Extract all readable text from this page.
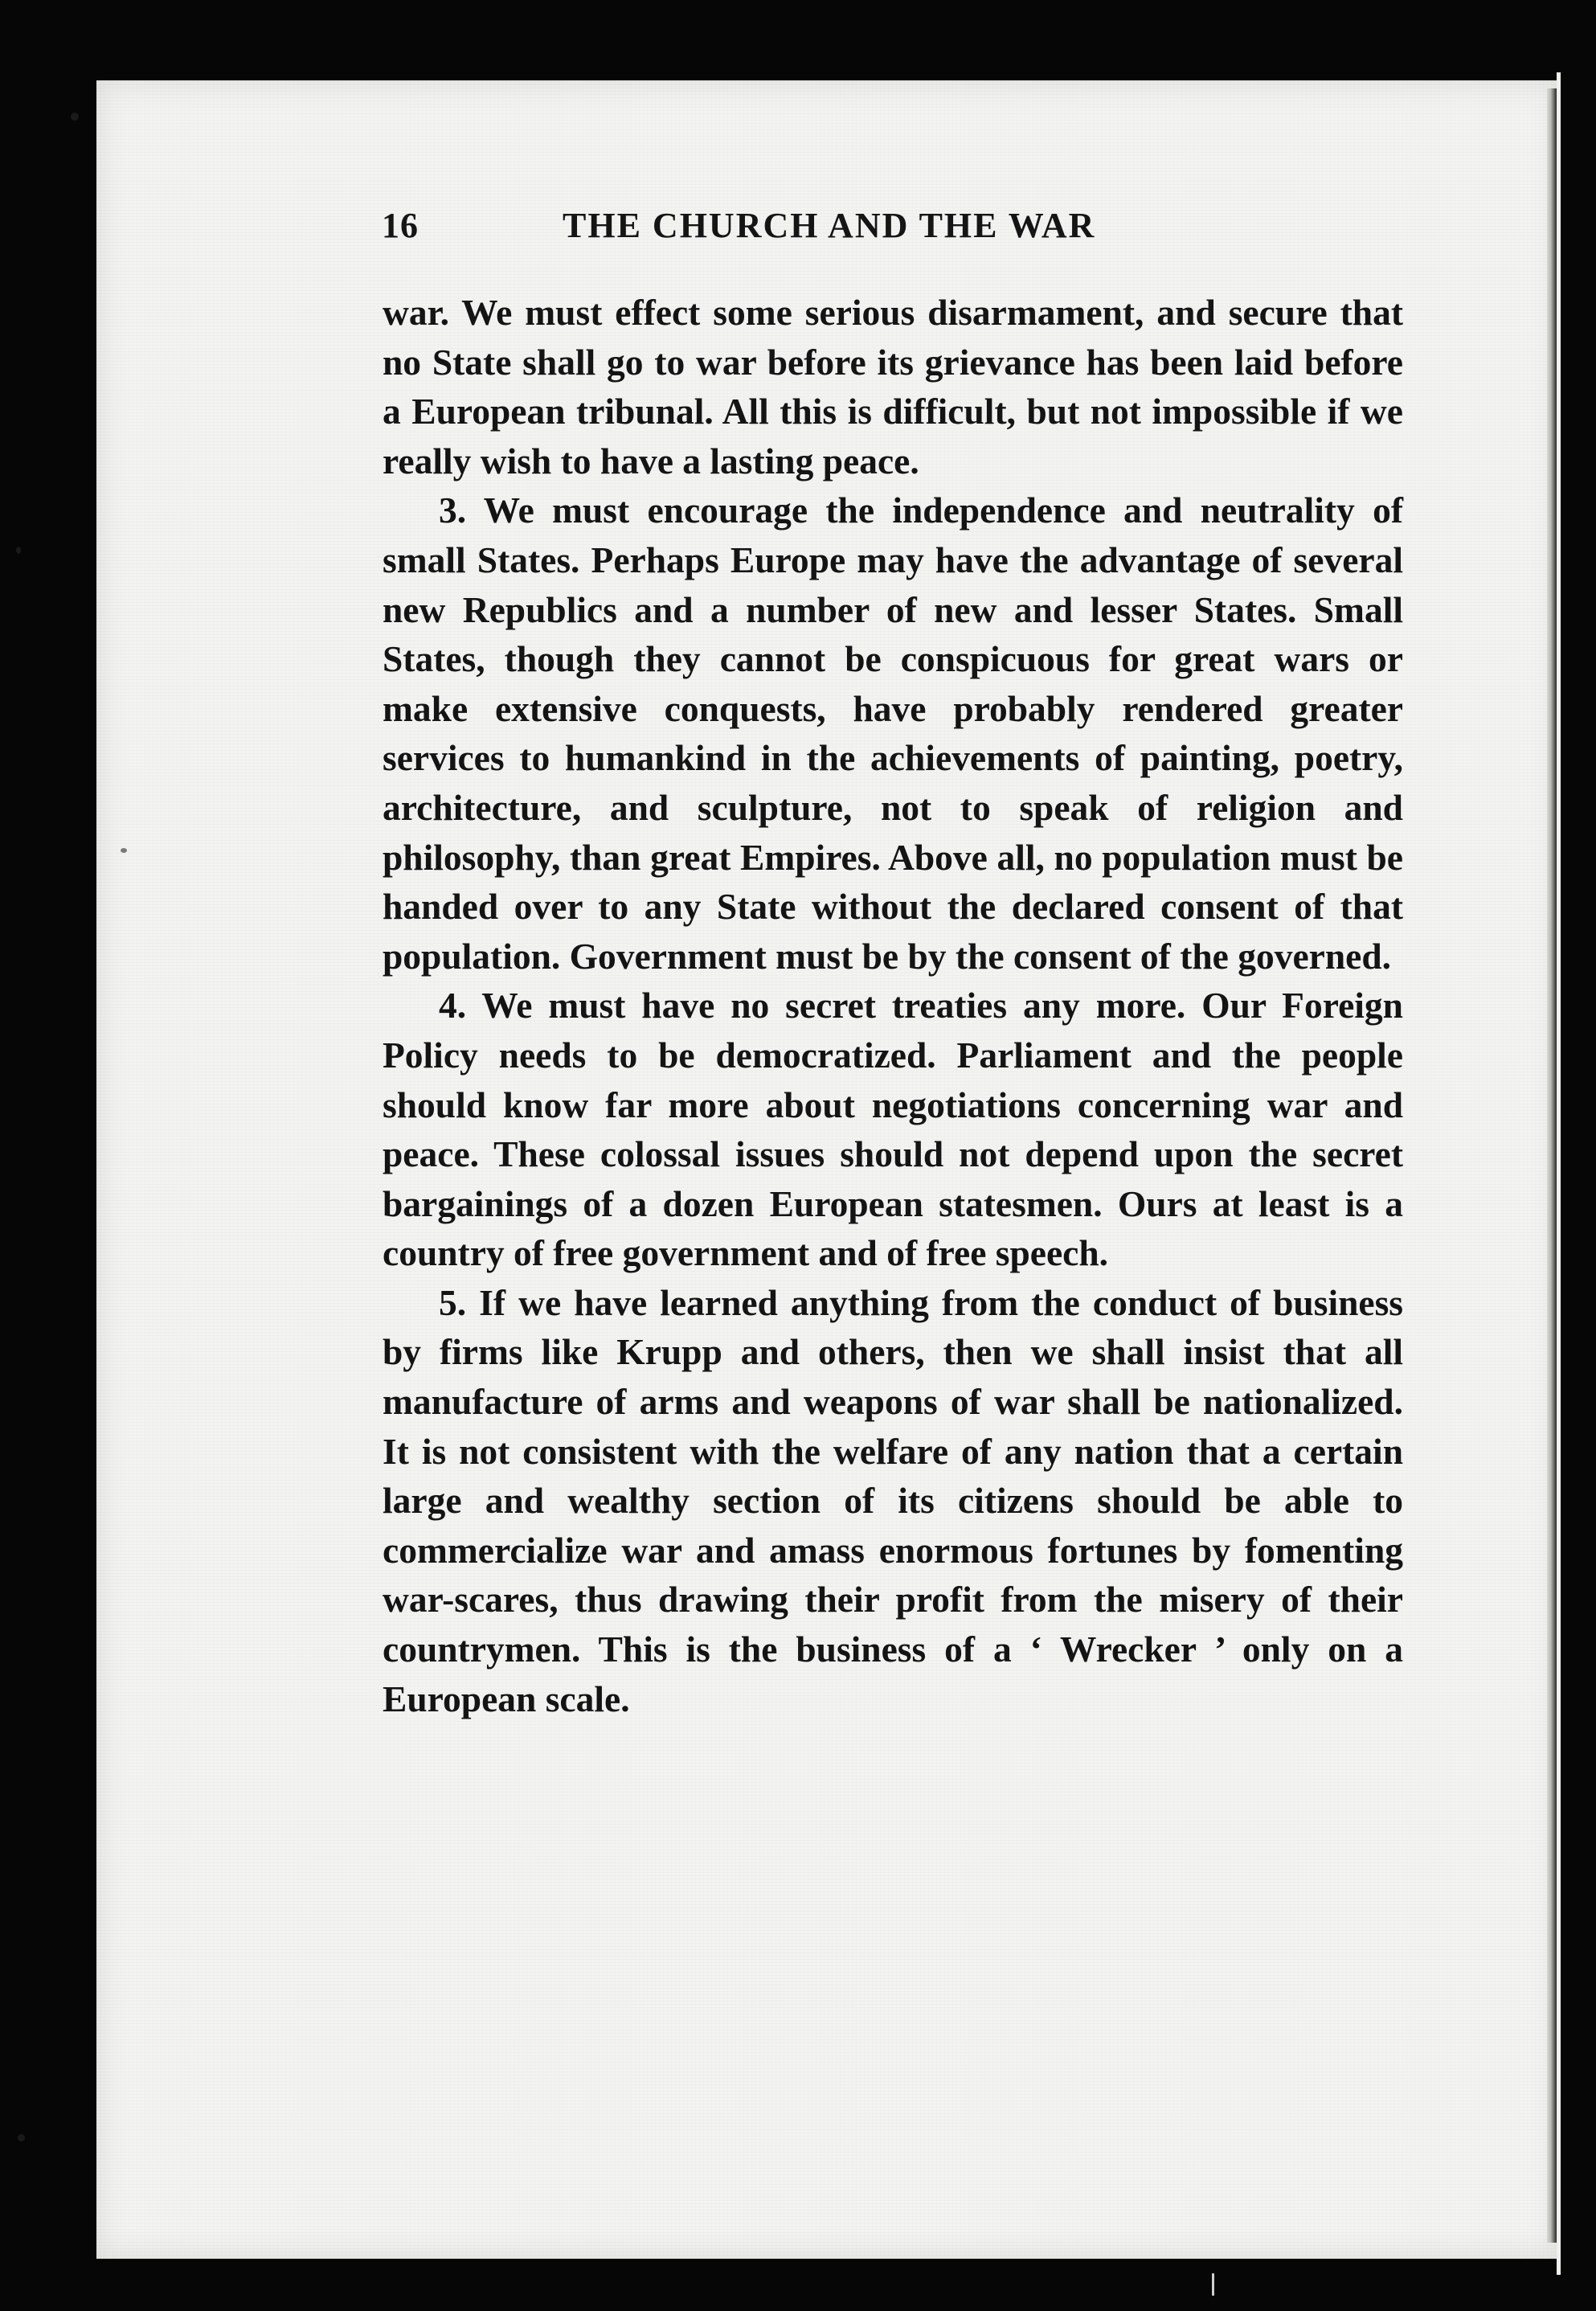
16	THE CHURCH AND THE WAR

war. We must effect some serious disarmament, and secure that no State shall go to war before its grievance has been laid before a European tribunal. All this is difficult, but not impossible if we really wish to have a lasting peace.

3. We must encourage the independence and neutrality of small States. Perhaps Europe may have the advantage of several new Republics and a number of new and lesser States. Small States, though they cannot be conspicuous for great wars or make extensive conquests, have probably rendered greater services to humankind in the achievements of painting, poetry, architecture, and sculpture, not to speak of religion and philosophy, than great Empires. Above all, no population must be handed over to any State without the declared consent of that population. Government must be by the consent of the governed.

4. We must have no secret treaties any more. Our Foreign Policy needs to be democratized. Parliament and the people should know far more about negotiations concerning war and peace. These colossal issues should not depend upon the secret bargainings of a dozen European statesmen. Ours at least is a country of free government and of free speech.

5. If we have learned anything from the conduct of business by firms like Krupp and others, then we shall insist that all manufacture of arms and weapons of war shall be nationalized. It is not consistent with the welfare of any nation that a certain large and wealthy section of its citizens should be able to commercialize war and amass enormous fortunes by fomenting war-scares, thus drawing their profit from the misery of their countrymen. This is the business of a ‘ Wrecker ’ only on a European scale.
